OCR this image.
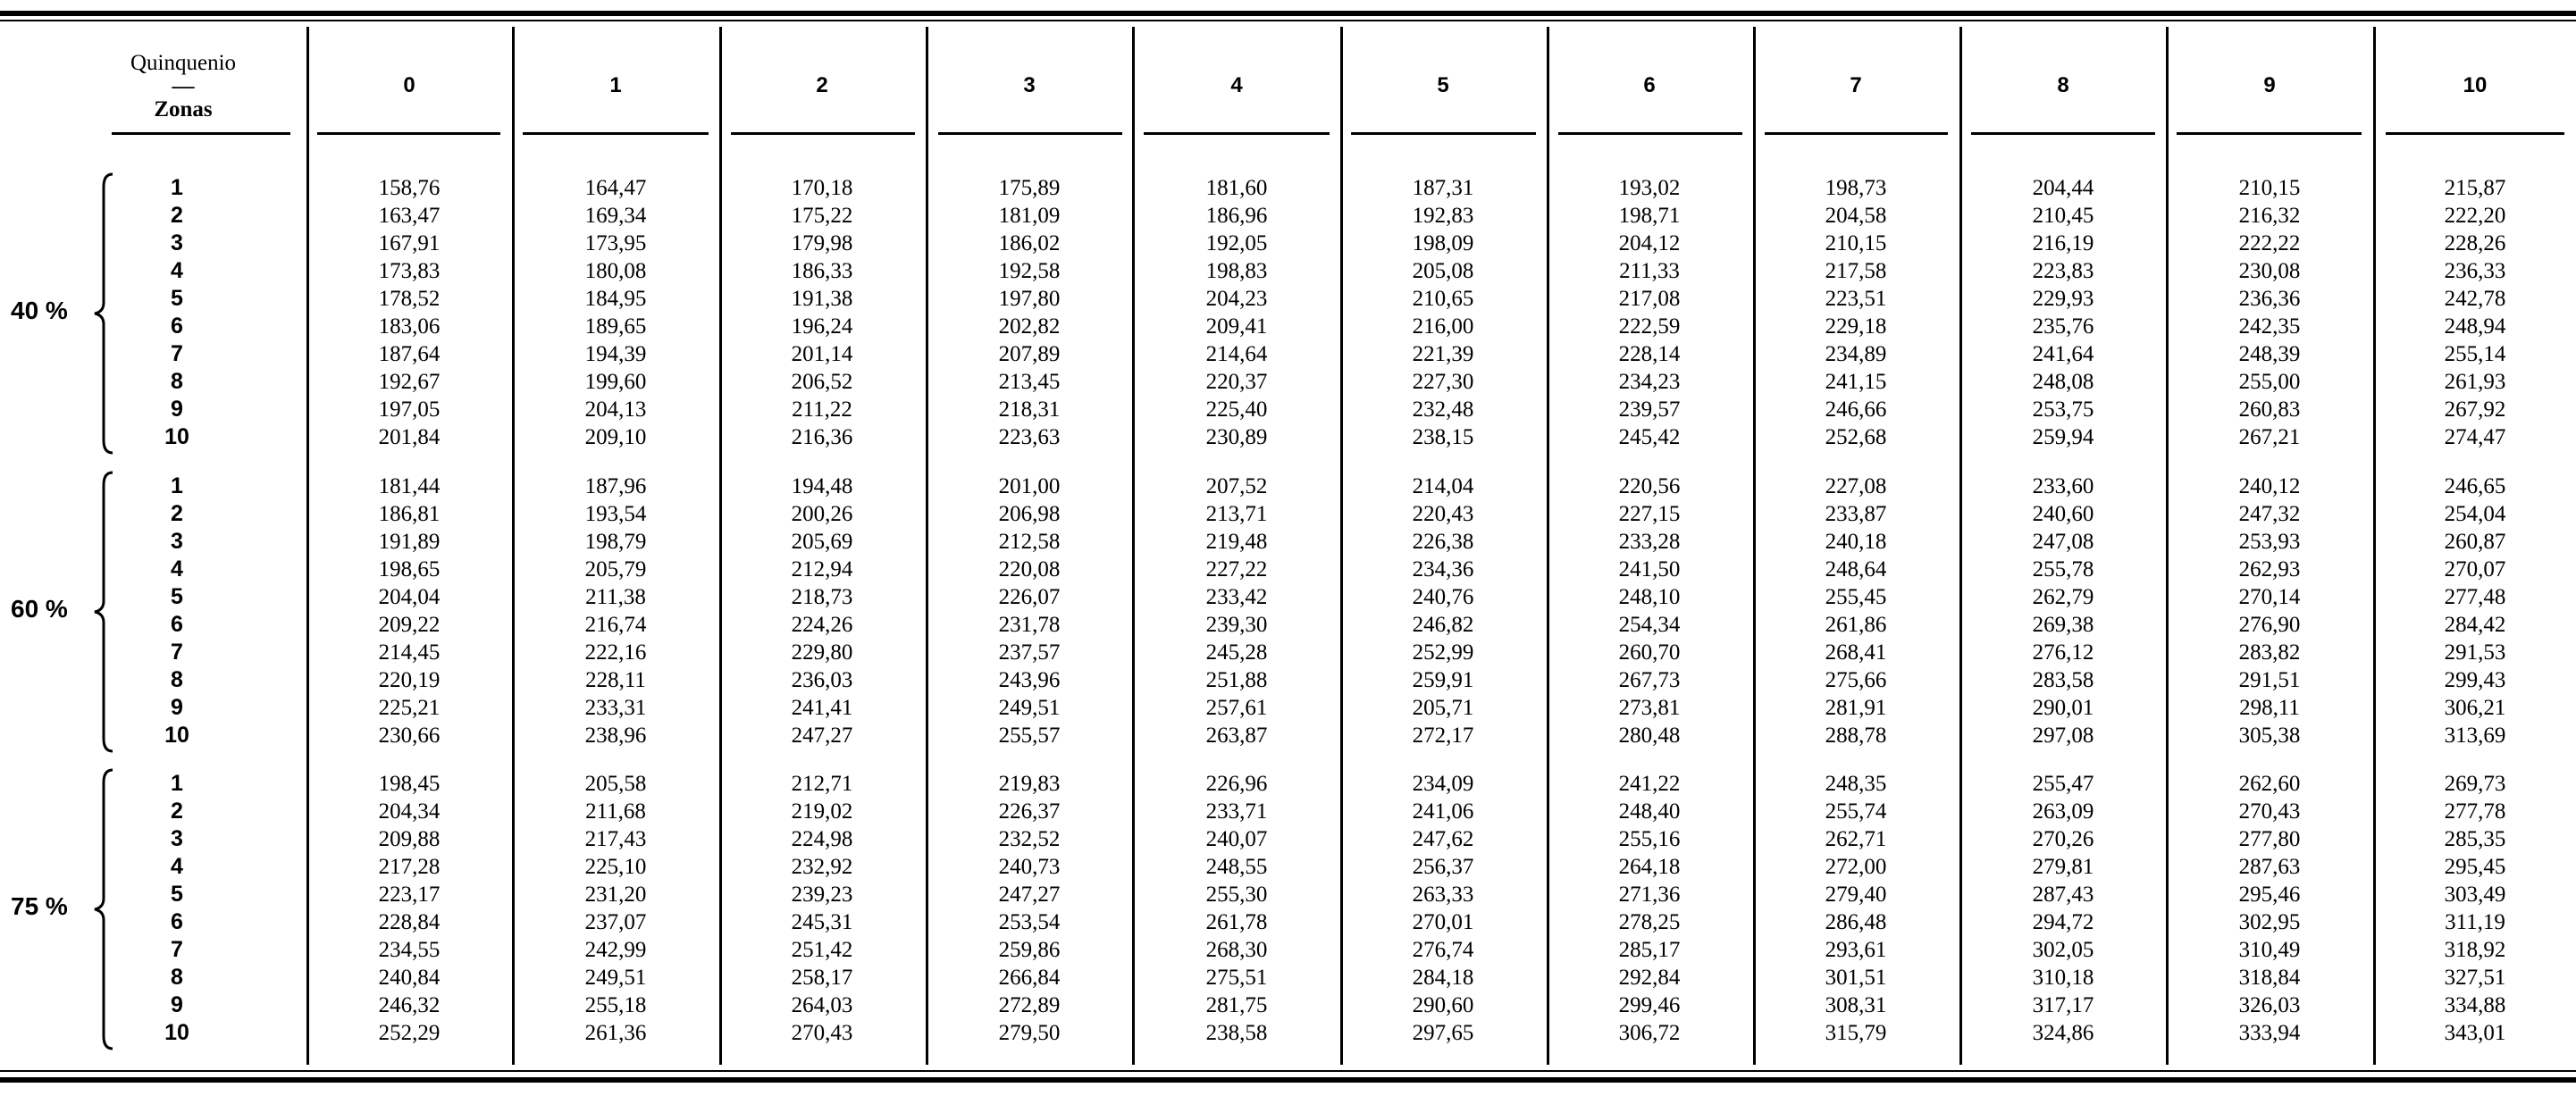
Quinquenio
—
Zonas
0	1	2	3	4	5	6	7	8	9	10
40 %
1	158,76	164,47	170,18	175,89	181,60	187,31	193,02	198,73	204,44	210,15	215,87
2	163,47	169,34	175,22	181,09	186,96	192,83	198,71	204,58	210,45	216,32	222,20
3	167,91	173,95	179,98	186,02	192,05	198,09	204,12	210,15	216,19	222,22	228,26
4	173,83	180,08	186,33	192,58	198,83	205,08	211,33	217,58	223,83	230,08	236,33
5	178,52	184,95	191,38	197,80	204,23	210,65	217,08	223,51	229,93	236,36	242,78
6	183,06	189,65	196,24	202,82	209,41	216,00	222,59	229,18	235,76	242,35	248,94
7	187,64	194,39	201,14	207,89	214,64	221,39	228,14	234,89	241,64	248,39	255,14
8	192,67	199,60	206,52	213,45	220,37	227,30	234,23	241,15	248,08	255,00	261,93
9	197,05	204,13	211,22	218,31	225,40	232,48	239,57	246,66	253,75	260,83	267,92
10	201,84	209,10	216,36	223,63	230,89	238,15	245,42	252,68	259,94	267,21	274,47
60 %
1	181,44	187,96	194,48	201,00	207,52	214,04	220,56	227,08	233,60	240,12	246,65
2	186,81	193,54	200,26	206,98	213,71	220,43	227,15	233,87	240,60	247,32	254,04
3	191,89	198,79	205,69	212,58	219,48	226,38	233,28	240,18	247,08	253,93	260,87
4	198,65	205,79	212,94	220,08	227,22	234,36	241,50	248,64	255,78	262,93	270,07
5	204,04	211,38	218,73	226,07	233,42	240,76	248,10	255,45	262,79	270,14	277,48
6	209,22	216,74	224,26	231,78	239,30	246,82	254,34	261,86	269,38	276,90	284,42
7	214,45	222,16	229,80	237,57	245,28	252,99	260,70	268,41	276,12	283,82	291,53
8	220,19	228,11	236,03	243,96	251,88	259,91	267,73	275,66	283,58	291,51	299,43
9	225,21	233,31	241,41	249,51	257,61	205,71	273,81	281,91	290,01	298,11	306,21
10	230,66	238,96	247,27	255,57	263,87	272,17	280,48	288,78	297,08	305,38	313,69
75 %
1	198,45	205,58	212,71	219,83	226,96	234,09	241,22	248,35	255,47	262,60	269,73
2	204,34	211,68	219,02	226,37	233,71	241,06	248,40	255,74	263,09	270,43	277,78
3	209,88	217,43	224,98	232,52	240,07	247,62	255,16	262,71	270,26	277,80	285,35
4	217,28	225,10	232,92	240,73	248,55	256,37	264,18	272,00	279,81	287,63	295,45
5	223,17	231,20	239,23	247,27	255,30	263,33	271,36	279,40	287,43	295,46	303,49
6	228,84	237,07	245,31	253,54	261,78	270,01	278,25	286,48	294,72	302,95	311,19
7	234,55	242,99	251,42	259,86	268,30	276,74	285,17	293,61	302,05	310,49	318,92
8	240,84	249,51	258,17	266,84	275,51	284,18	292,84	301,51	310,18	318,84	327,51
9	246,32	255,18	264,03	272,89	281,75	290,60	299,46	308,31	317,17	326,03	334,88
10	252,29	261,36	270,43	279,50	238,58	297,65	306,72	315,79	324,86	333,94	343,01
